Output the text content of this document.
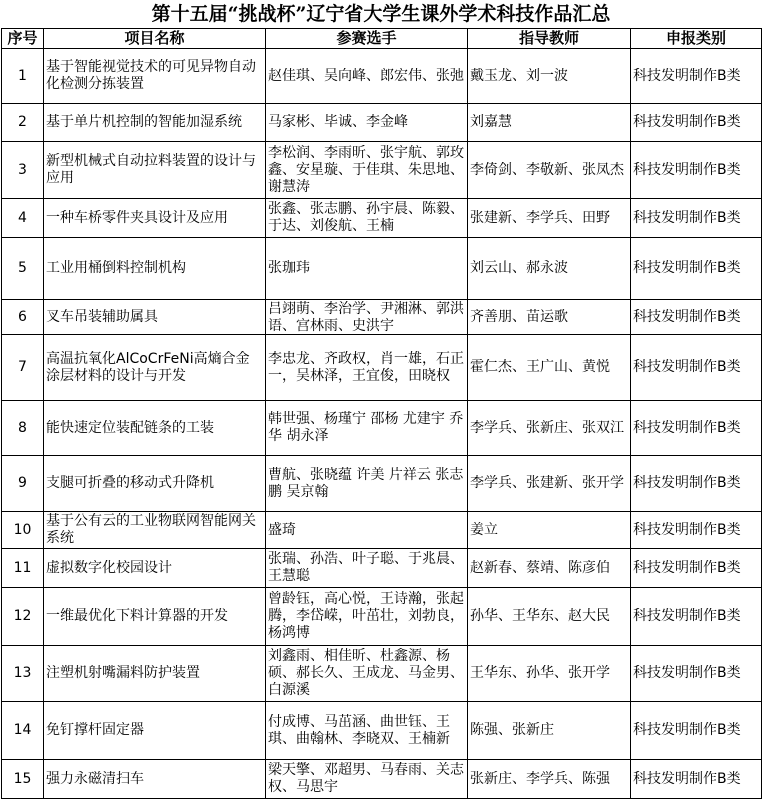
第十五届“挑战杯”辽宁省大学生课外学术科技作品汇总
序号	项目名称	参赛选手	指导教师	申报类别

1	基于智能视觉技术的可见异物自动化检测分拣装置	赵佳琪、吴向峰、郎宏伟、张弛	戴玉龙、刘一波	科技发明制作B类

2	基于单片机控制的智能加湿系统	马家彬、毕诚、李金峰	刘嘉慧	科技发明制作B类

3	新型机械式自动拉料装置的设计与应用	李松润、李雨昕、张宇航、郭玫鑫、安星璇、于佳琪、朱思地、谢慧涛	李倚剑、李敬新、张凤杰	科技发明制作B类

4	一种车桥零件夹具设计及应用	张鑫、张志鹏、孙宇晨、陈毅、于达、刘俊航、王楠	张建新、李学兵、田野	科技发明制作B类

5	工业用桶倒料控制机构	张珈玮	刘云山、郝永波	科技发明制作B类

6	叉车吊装辅助属具	吕翊萌、李治学、尹湘淋、郭洪语、宫林雨、史洪宇	齐善朋、苗运歌	科技发明制作B类

7	高温抗氧化AlCoCrFeNi高熵合金涂层材料的设计与开发	李忠龙、齐政权，肖一雄，石正一，吴林泽，王宜俊，田晓权	霍仁杰、王广山、黄悦	科技发明制作B类

8	能快速定位装配链条的工装	韩世强、杨瑾宁 邵杨 尤建宇 乔华 胡永泽	李学兵、张新庄、张双江	科技发明制作B类

9	支腿可折叠的移动式升降机	曹航、张晓蕴 许美 片祥云 张志鹏 吴京翰	李学兵、张建新、张开学	科技发明制作B类

10	基于公有云的工业物联网智能网关系统	盛琦	姜立	科技发明制作B类

11	虚拟数字化校园设计	张瑞、孙浩、叶子聪、于兆晨、王慧聪	赵新春、蔡靖、陈彦伯	科技发明制作B类

12	一维最优化下料计算器的开发	曾龄钰，高心悦，王诗瀚，张起腾，李岱嵘，叶茁壮，刘勃良，杨鸿博	孙华、王华东、赵大民	科技发明制作B类

13	注塑机射嘴漏料防护装置	刘鑫雨、相佳昕、杜鑫源、杨硕、郝长久、王成龙、马金男、白源溪	王华东、孙华、张开学	科技发明制作B类

14	免钉撑杆固定器	付成博、马茁涵、曲世钰、王琪、曲翰林、李晓双、王楠新	陈强、张新庄	科技发明制作B类

15	强力永磁清扫车	梁天擎、邓超男、马春雨、关志权、马思宇	张新庄、李学兵、陈强	科技发明制作B类
